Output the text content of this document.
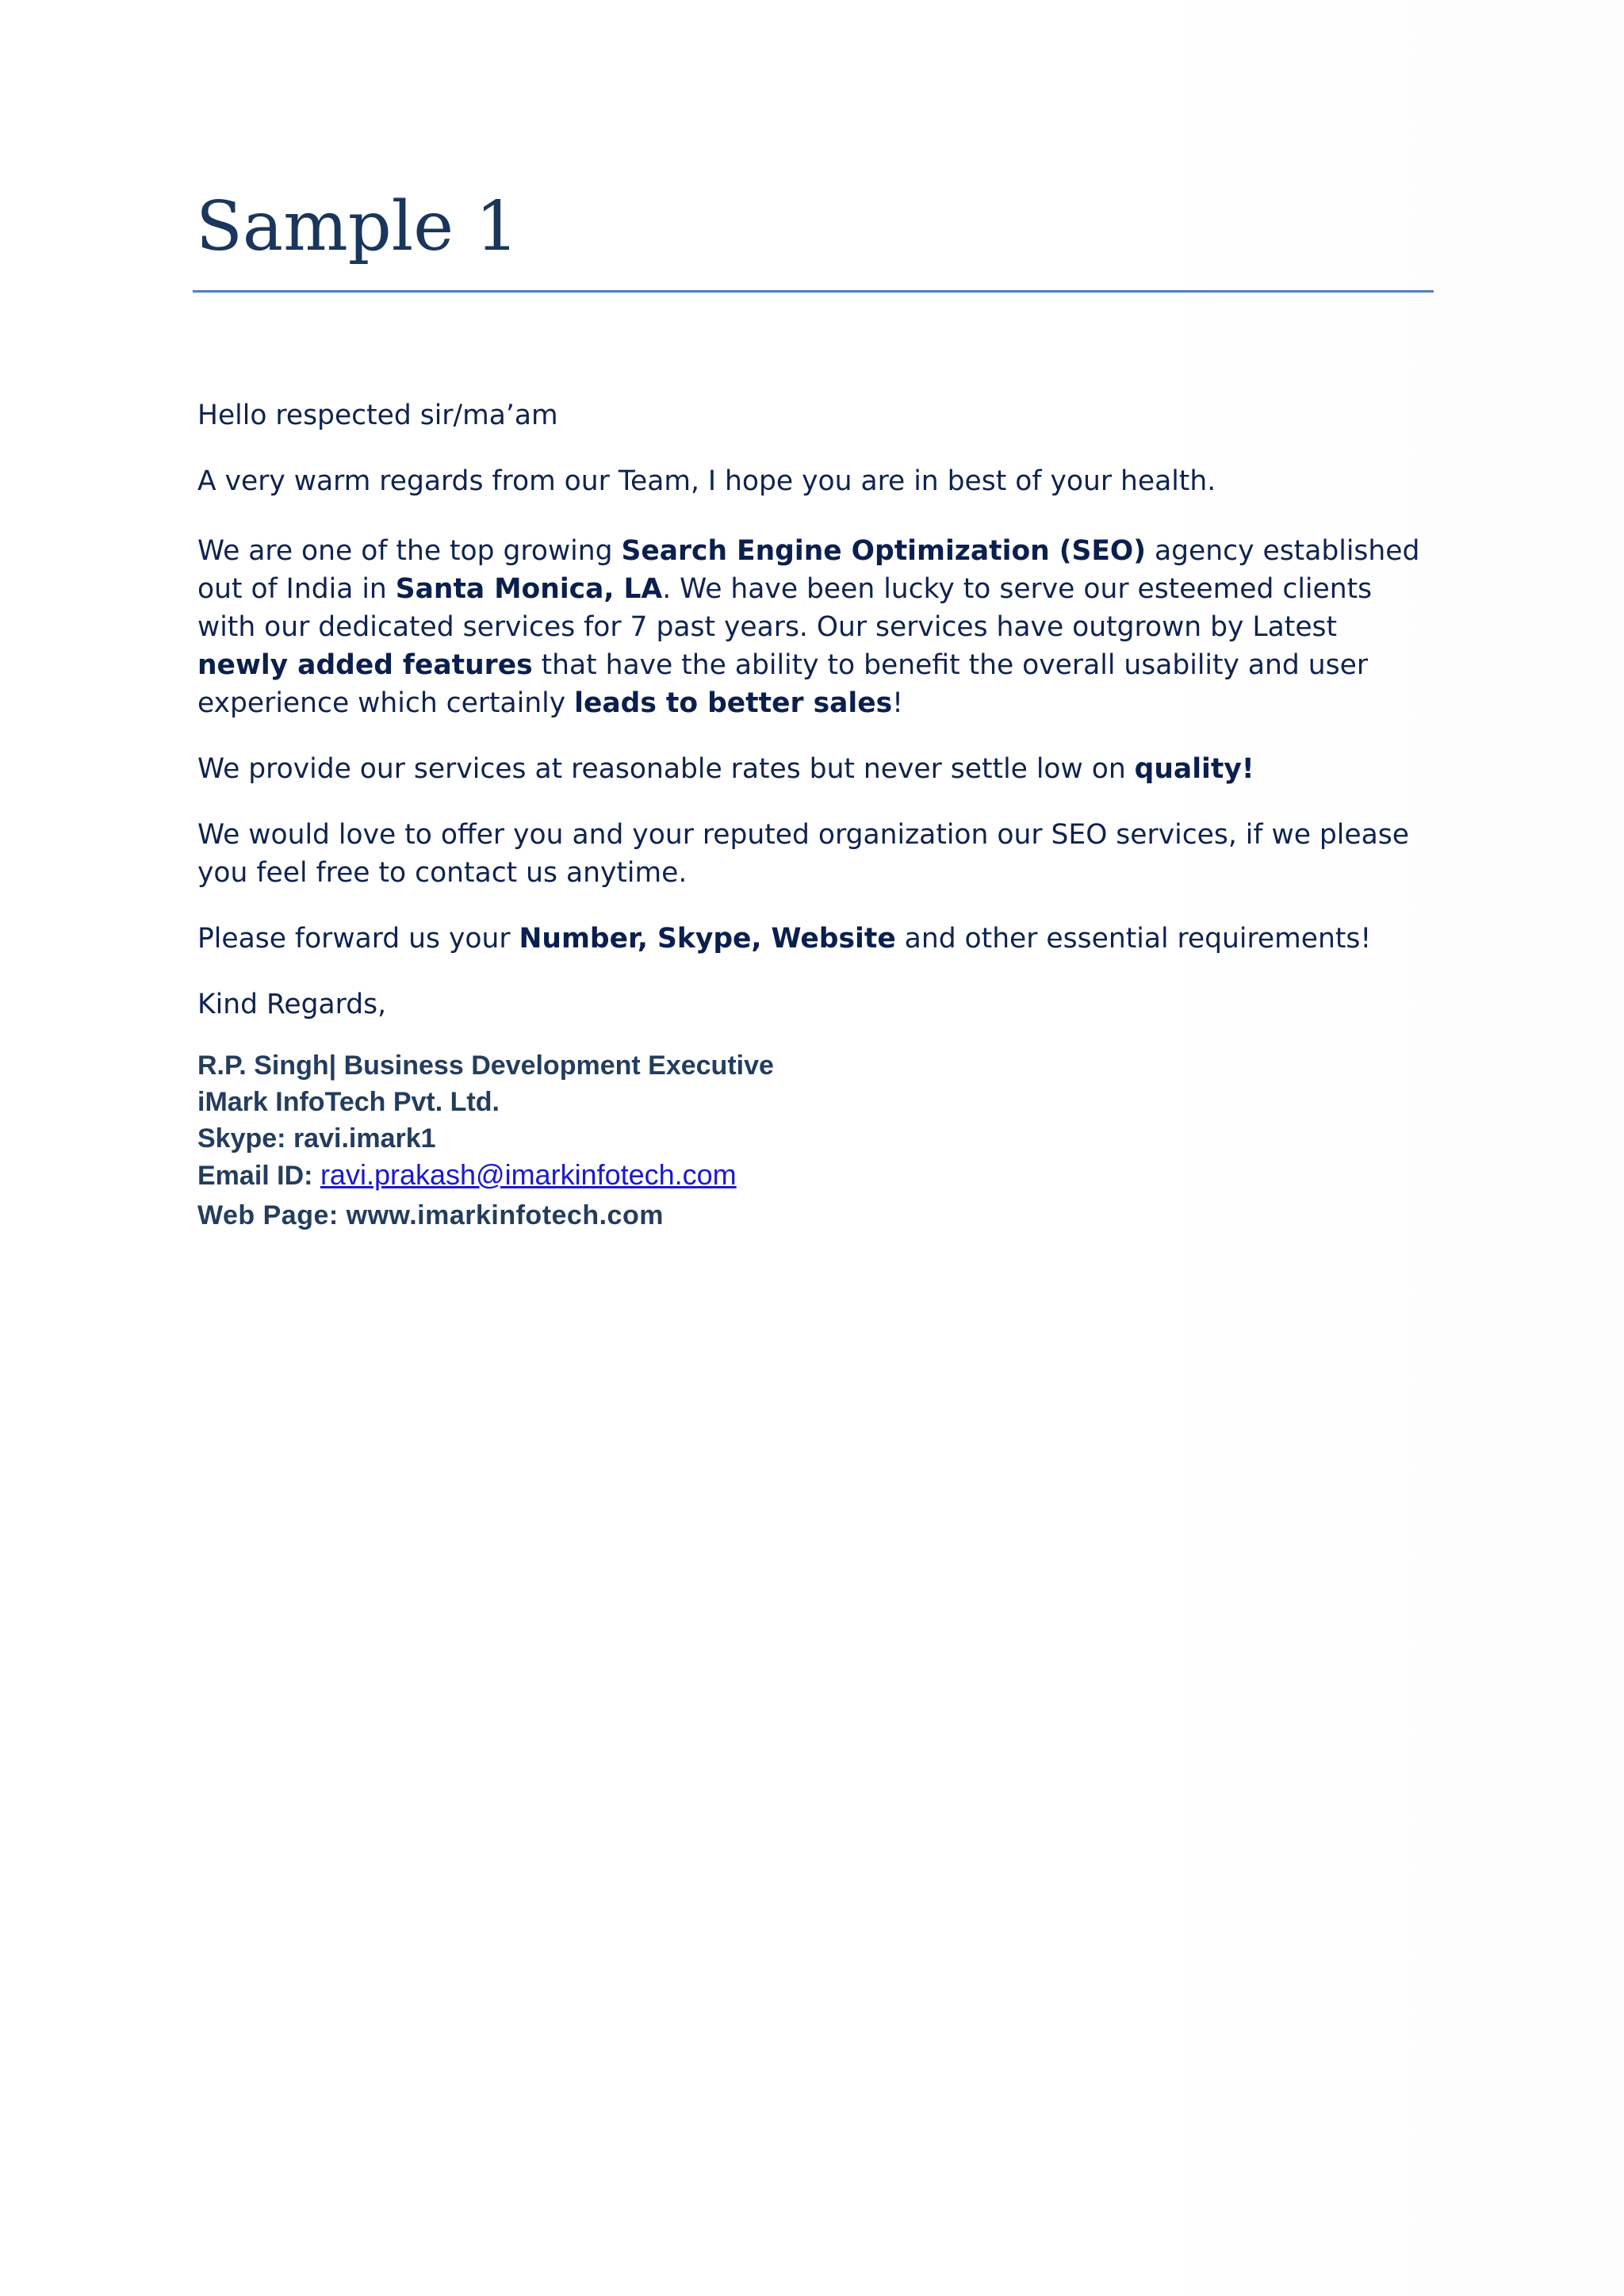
Sample 1

Hello respected sir/ma’am

A very warm regards from our Team, I hope you are in best of your health.

We are one of the top growing Search Engine Optimization (SEO) agency established out of India in Santa Monica, LA. We have been lucky to serve our esteemed clients with our dedicated services for 7 past years. Our services have outgrown by Latest newly added features that have the ability to benefit the overall usability and user experience which certainly leads to better sales!

We provide our services at reasonable rates but never settle low on quality!

We would love to offer you and your reputed organization our SEO services, if we please you feel free to contact us anytime.

Please forward us your Number, Skype, Website and other essential requirements!

Kind Regards,

R.P. Singh| Business Development Executive

iMark InfoTech Pvt. Ltd.

Skype: ravi.imark1

Email ID: ravi.prakash@imarkinfotech.com

Web Page: www.imarkinfotech.com
